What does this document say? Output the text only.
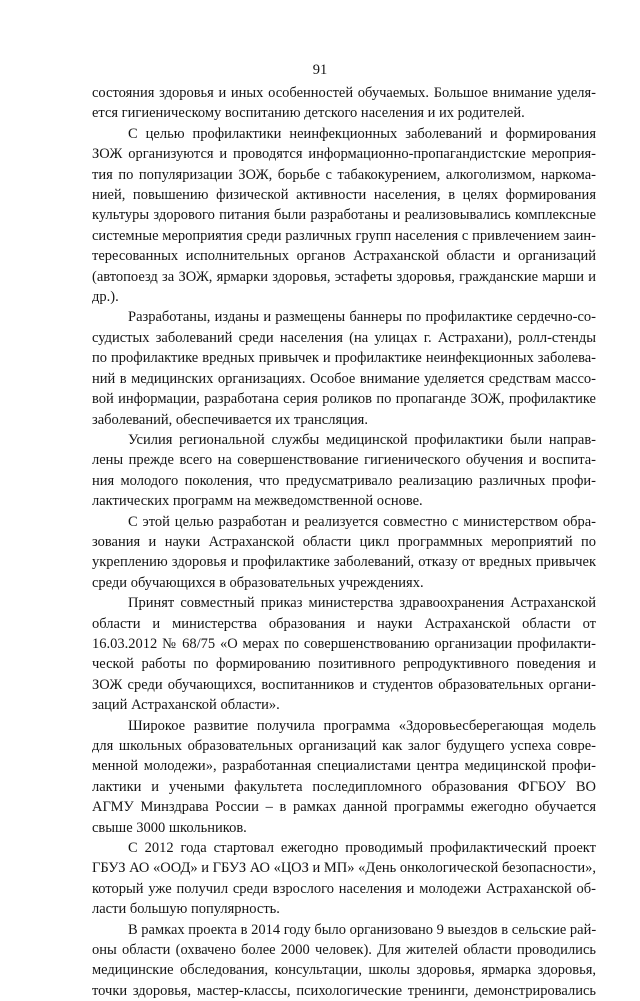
91
состояния здоровья и иных особенностей обучаемых. Большое внимание уделя-
ется гигиеническому воспитанию детского населения и их родителей.
С целью профилактики неинфекционных заболеваний и формирования
ЗОЖ организуются и проводятся информационно-пропагандистские мероприя-
тия по популяризации ЗОЖ, борьбе с табакокурением, алкоголизмом, наркома-
нией, повышению физической активности населения, в целях формирования
культуры здорового питания были разработаны и реализовывались комплексные
системные мероприятия среди различных групп населения с привлечением заин-
тересованных исполнительных органов Астраханской области и организаций
(автопоезд за ЗОЖ, ярмарки здоровья, эстафеты здоровья, гражданские марши и
др.).
Разработаны, изданы и размещены баннеры по профилактике сердечно-со-
судистых заболеваний среди населения (на улицах г. Астрахани), ролл-стенды
по профилактике вредных привычек и профилактике неинфекционных заболева-
ний в медицинских организациях. Особое внимание уделяется средствам массо-
вой информации, разработана серия роликов по пропаганде ЗОЖ, профилактике
заболеваний, обеспечивается их трансляция.
Усилия региональной службы медицинской профилактики были направ-
лены прежде всего на совершенствование гигиенического обучения и воспита-
ния молодого поколения, что предусматривало реализацию различных профи-
лактических программ на межведомственной основе.
С этой целью разработан и реализуется совместно с министерством обра-
зования и науки Астраханской области цикл программных мероприятий по
укреплению здоровья и профилактике заболеваний, отказу от вредных привычек
среди обучающихся в образовательных учреждениях.
Принят совместный приказ министерства здравоохранения Астраханской
области и министерства образования и науки Астраханской области от
16.03.2012 № 68/75 «О мерах по совершенствованию организации профилакти-
ческой работы по формированию позитивного репродуктивного поведения и
ЗОЖ среди обучающихся, воспитанников и студентов образовательных органи-
заций Астраханской области».
Широкое развитие получила программа «Здоровьесберегающая модель
для школьных образовательных организаций как залог будущего успеха совре-
менной молодежи», разработанная специалистами центра медицинской профи-
лактики и учеными факультета последипломного образования ФГБОУ ВО
АГМУ Минздрава России – в рамках данной программы ежегодно обучается
свыше 3000 школьников.
С 2012 года стартовал ежегодно проводимый профилактический проект
ГБУЗ АО «ООД» и ГБУЗ АО «ЦОЗ и МП» «День онкологической безопасности»,
который уже получил среди взрослого населения и молодежи Астраханской об-
ласти большую популярность.
В рамках проекта в 2014 году было организовано 9 выездов в сельские рай-
оны области (охвачено более 2000 человек). Для жителей области проводились
медицинские обследования, консультации, школы здоровья, ярмарка здоровья,
точки здоровья, мастер-классы, психологические тренинги, демонстрировались
